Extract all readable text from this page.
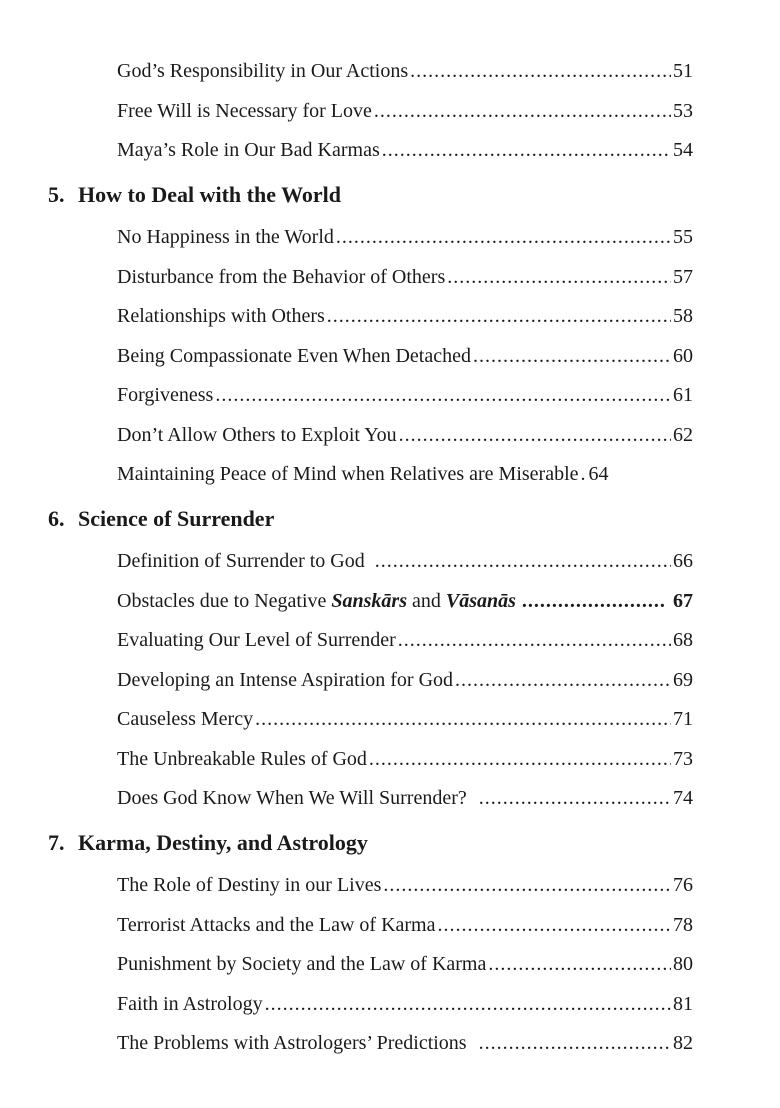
God’s Responsibility in Our Actions .....	51
Free Will is Necessary for Love .....	53
Maya’s Role in Our Bad Karmas .....	54
5. How to Deal with the World
No Happiness in the World .....	55
Disturbance from the Behavior of Others .....	57
Relationships with Others .....	58
Being Compassionate Even When Detached .....	60
Forgiveness .....	61
Don’t Allow Others to Exploit You .....	62
Maintaining Peace of Mind when Relatives are Miserable ..... 64
6. Science of Surrender
Definition of Surrender to God .....	66
Obstacles due to Negative Sanskārs and Vāsanās .....	67
Evaluating Our Level of Surrender .....	68
Developing an Intense Aspiration for God .....	69
Causeless Mercy .....	71
The Unbreakable Rules of God .....	73
Does God Know When We Will Surrender? .....	74
7. Karma, Destiny, and Astrology
The Role of Destiny in our Lives .....	76
Terrorist Attacks and the Law of Karma .....	78
Punishment by Society and the Law of Karma .....	80
Faith in Astrology .....	81
The Problems with Astrologers’ Predictions .....	82
